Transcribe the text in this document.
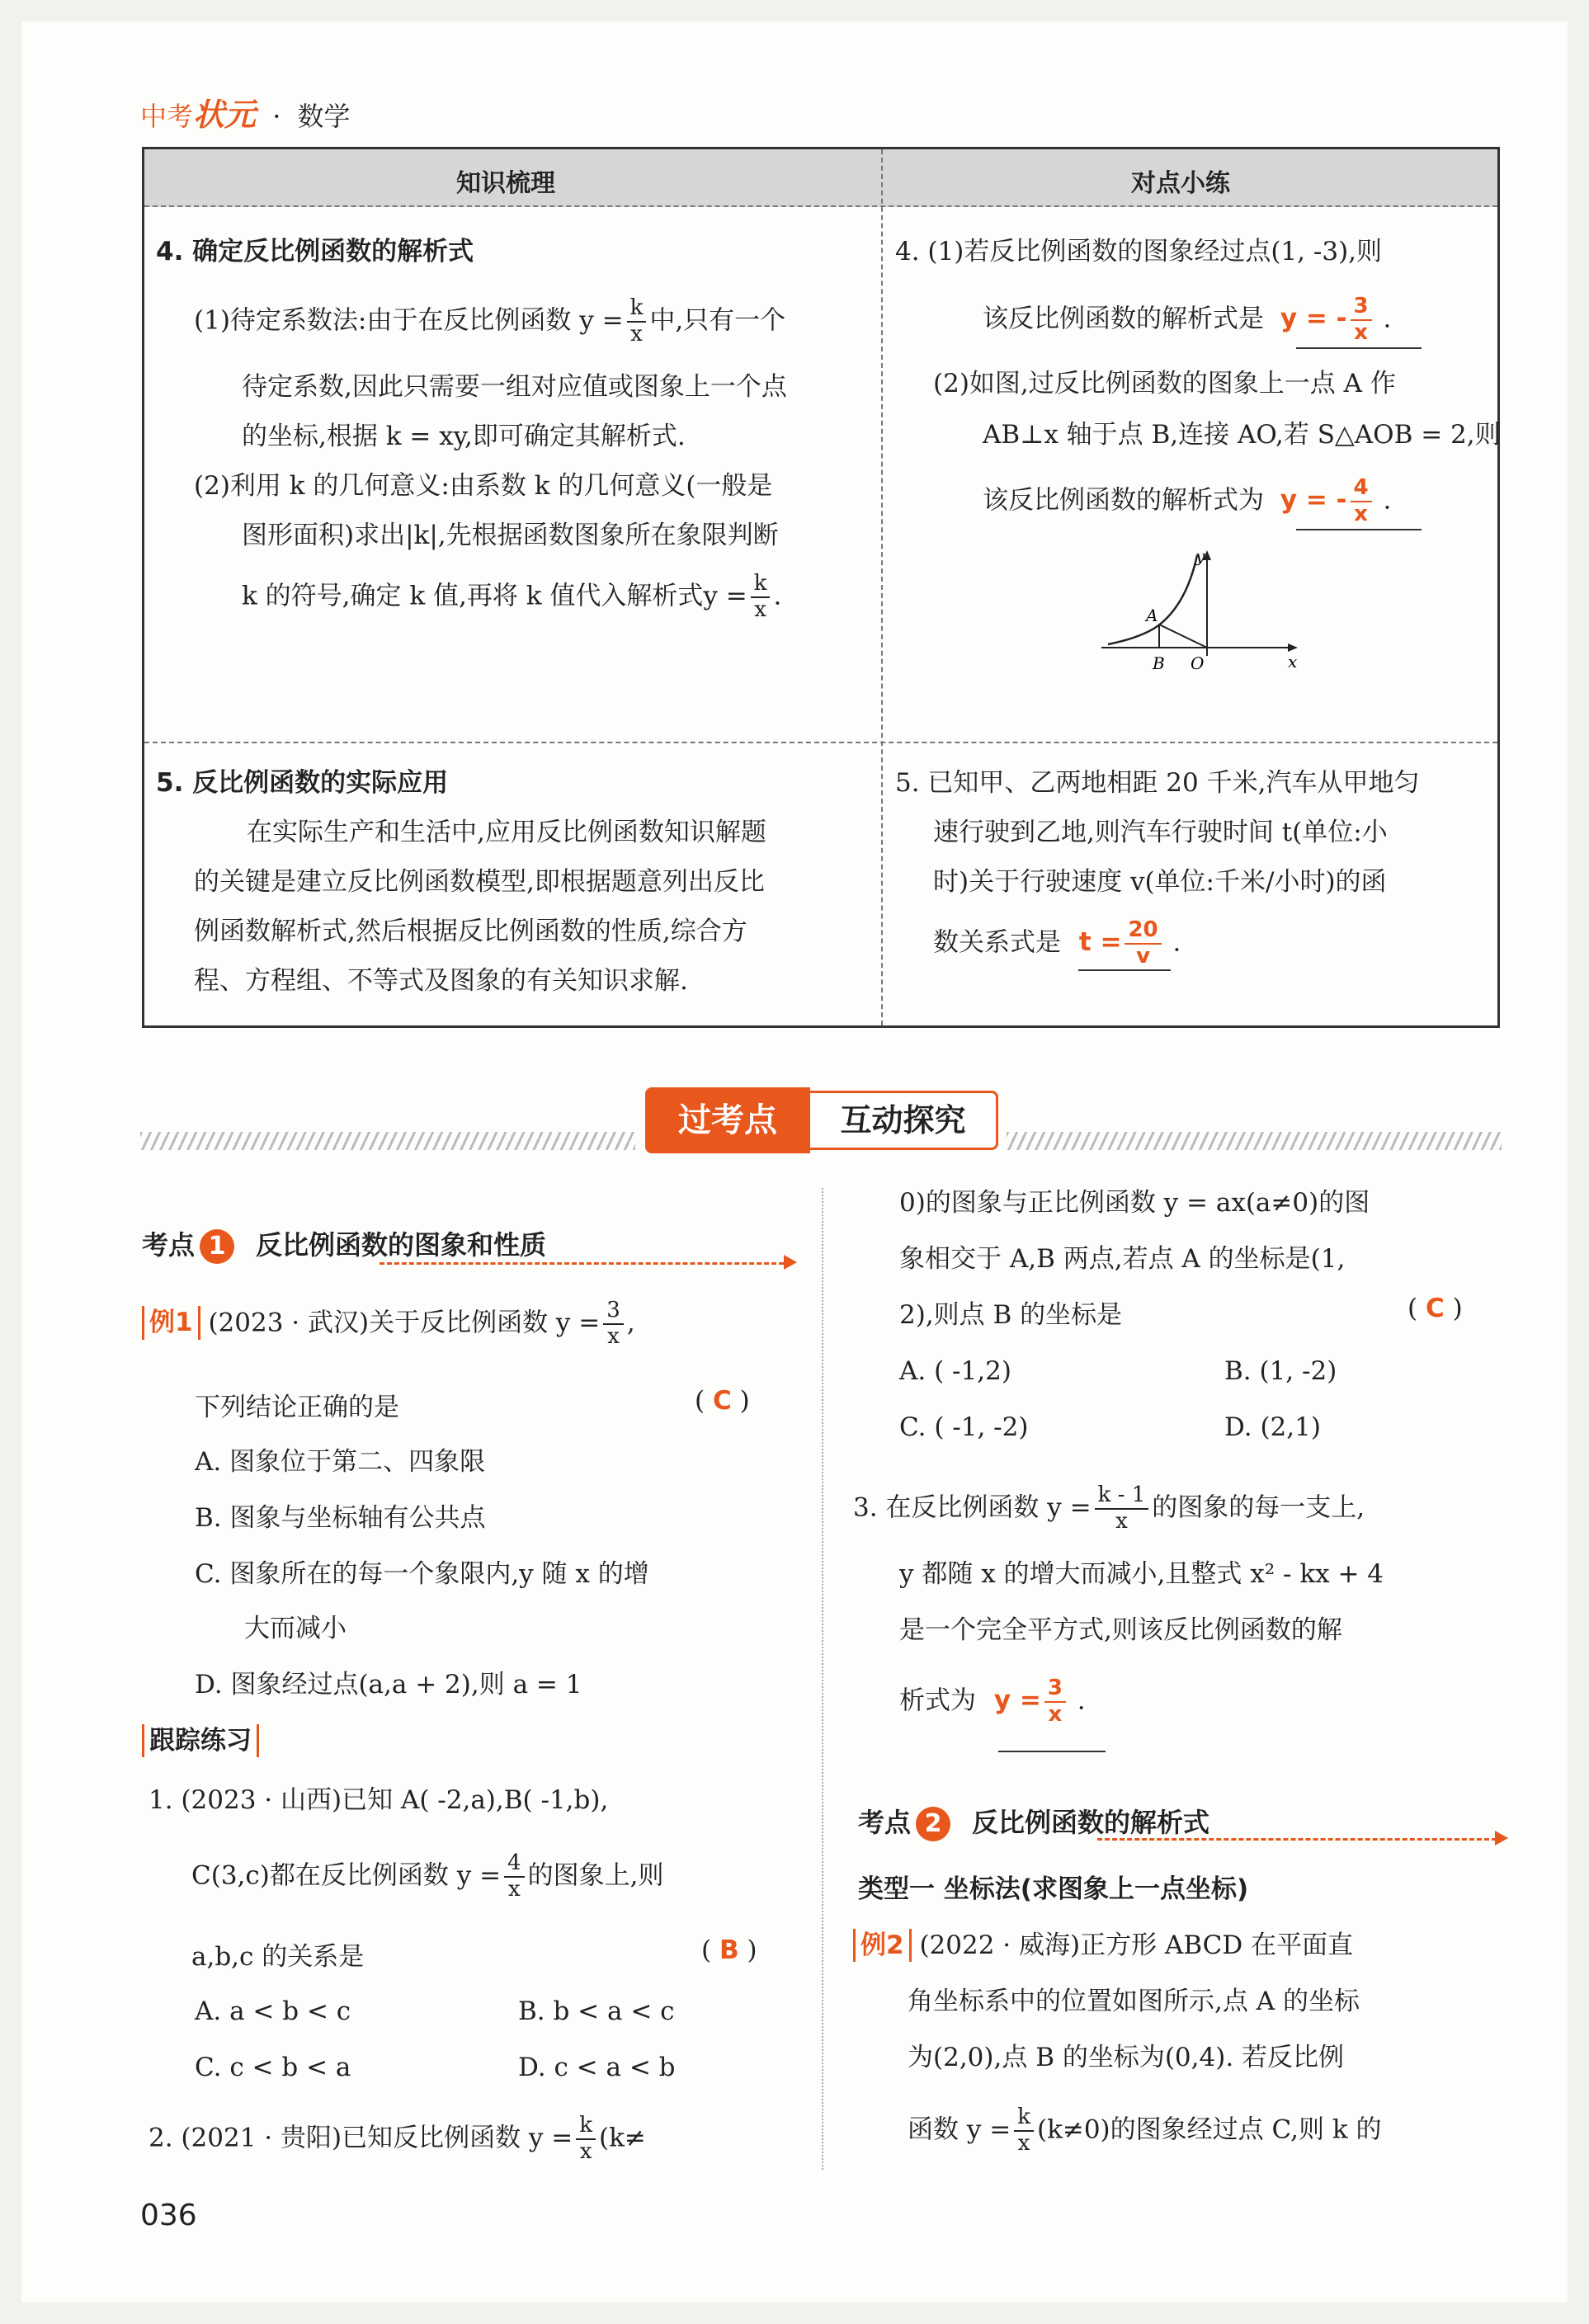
中考状元 · 数学
知识梳理	对点小练
4. 确定反比例函数的解析式
(1)待定系数法:由于在反比例函数 $y = \frac{k}{x}$ 中,只有一个
待定系数,因此只需要一组对应值或图象上一个点
的坐标,根据 k = xy,即可确定其解析式.
(2)利用 k 的几何意义:由系数 k 的几何意义(一般是
图形面积)求出|k|,先根据函数图象所在象限判断
k 的符号,确定 k 值,再将 k 值代入解析式$y = \frac{k}{x}$ .
4. (1)若反比例函数的图象经过点(1, -3),则
该反比例函数的解析式是 y = - $\frac{3}{x}$ .
(2)如图,过反比例函数的图象上一点 A 作
AB⊥x 轴于点 B,连接 AO,若 S△AOB = 2,则
该反比例函数的解析式为 y = - $\frac{4}{x}$ .
y
x
A
B O
5. 反比例函数的实际应用
在实际生产和生活中,应用反比例函数知识解题
的关键是建立反比例函数模型,即根据题意列出反比
例函数解析式,然后根据反比例函数的性质,综合方
程、方程组、不等式及图象的有关知识求解.
5. 已知甲、乙两地相距 20 千米,汽车从甲地匀
速行驶到乙地,则汽车行驶时间 t(单位:小
时)关于行驶速度 v(单位:千米/小时)的函
数关系式是 $t = \frac{20}{v}$ .
过考点	互动探究
考点 1 反比例函数的图象和性质
例1 (2023 · 武汉)关于反比例函数 $y = \frac{3}{x}$ ,
下列结论正确的是	( C )
A. 图象位于第二、四象限
B. 图象与坐标轴有公共点
C. 图象所在的每一个象限内,y 随 x 的增
大而减小
D. 图象经过点(a,a + 2),则 a = 1
跟踪练习
1. (2023 · 山西)已知 A( -2,a),B( -1,b),
C(3,c)都在反比例函数 $y = \frac{4}{x}$ 的图象上,则
a,b,c 的关系是	( B )
A. a < b < c	B. b < a < c
C. c < b < a	D. c < a < b
2. (2021 · 贵阳)已知反比例函数 $y = \frac{k}{x} (k\ne$
0)的图象与正比例函数 y = ax(a≠0)的图
象相交于 A,B 两点,若点 A 的坐标是(1,
2),则点 B 的坐标是	( C )
A. ( -1,2)	B. (1, -2)
C. ( -1, -2)	D. (2,1)
3. 在反比例函数 $y = \frac{k - 1}{x}$ 的图象的每一支上,
y 都随 x 的增大而减小,且整式 x² - kx + 4
是一个完全平方式,则该反比例函数的解
析式为 $y = \frac{3}{x}$ .
考点 2 反比例函数的解析式
类型一 坐标法(求图象上一点坐标)
例2 (2022 · 威海)正方形 ABCD 在平面直
角坐标系中的位置如图所示,点 A 的坐标
为(2,0),点 B 的坐标为(0,4). 若反比例
函数 $y = \frac{k}{x} (k\ne 0)$的图象经过点 C,则 k 的
036
